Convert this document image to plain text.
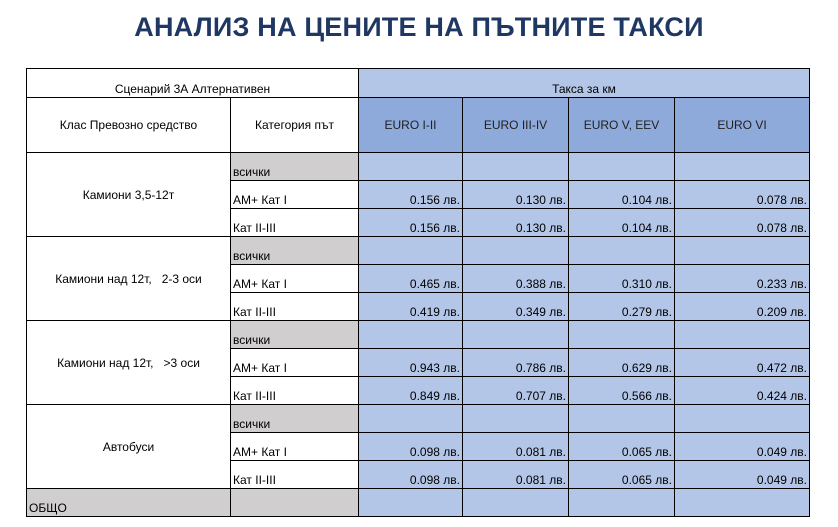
АНАЛИЗ НА ЦЕНИТЕ НА ПЪТНИТЕ ТАКСИ
Сценарий 3А Алтернативен		Такса за км			
Клас Превозно средство	Категория път	EURO I-II	EURO III-IV	EURO V, EEV	EURO VI
Камиони 3,5-12т	всички				
	АМ+ Кат І	0.156 лв.	0.130 лв.	0.104 лв.	0.078 лв.
	Кат ІІ-ІІІ	0.156 лв.	0.130 лв.	0.104 лв.	0.078 лв.
Камиони над 12т,   2-3 оси	всички				
	АМ+ Кат І	0.465 лв.	0.388 лв.	0.310 лв.	0.233 лв.
	Кат ІІ-ІІІ	0.419 лв.	0.349 лв.	0.279 лв.	0.209 лв.
Камиони над 12т,   >3 оси	всички				
	АМ+ Кат І	0.943 лв.	0.786 лв.	0.629 лв.	0.472 лв.
	Кат ІІ-ІІІ	0.849 лв.	0.707 лв.	0.566 лв.	0.424 лв.
Автобуси	всички				
	АМ+ Кат І	0.098 лв.	0.081 лв.	0.065 лв.	0.049 лв.
	Кат ІІ-ІІІ	0.098 лв.	0.081 лв.	0.065 лв.	0.049 лв.
ОБЩО					
